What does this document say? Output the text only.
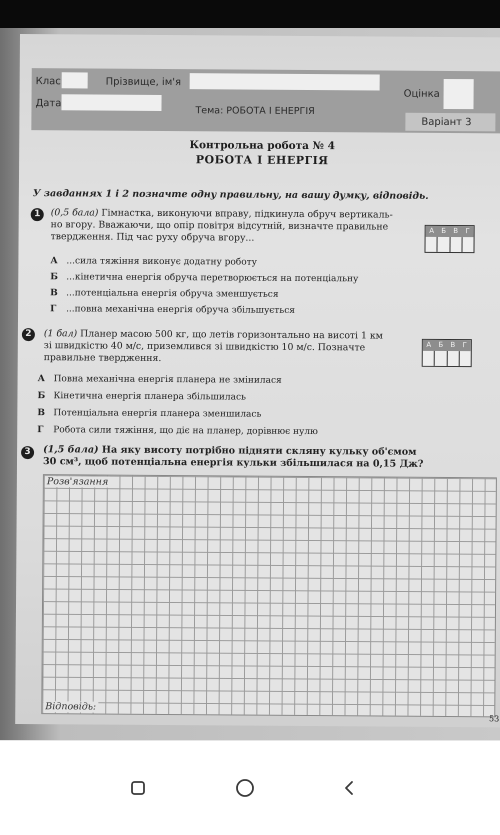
Клас	Прізвище, ім'я
Оцінка
Дата
Тема: РОБОТА І ЕНЕРГІЯ
Варіант 3
Контрольна робота № 4
РОБОТА І ЕНЕРГІЯ
У завданнях 1 і 2 позначте одну правильну, на вашу думку, відповідь.
1	(0,5 бала) Гімнастка, виконуючи вправу, підкинула обруч вертикаль-
но вгору. Вважаючи, що опір повітря відсутній, визначте правильне
твердження. Під час руху обруча вгору...
А	Б	В	Г
А ...сила тяжіння виконує додатну роботу
Б ...кінетична енергія обруча перетворюється на потенціальну
В ...потенціальна енергія обруча зменшується
Г ...повна механічна енергія обруча збільшується
2	(1 бал) Планер масою 500 кг, що летів горизонтально на висоті 1 км
зі швидкістю 40 м/с, приземлився зі швидкістю 10 м/с. Позначте
правильне твердження.
А	Б	В	Г
А Повна механічна енергія планера не змінилася
Б Кінетична енергія планера збільшилась
В Потенціальна енергія планера зменшилась
Г Робота сили тяжіння, що діє на планер, дорівнює нулю
3	(1,5 бала) На яку висоту потрібно підняти скляну кульку об'ємом
30 см³, щоб потенціальна енергія кульки збільшилася на 0,15 Дж?
Розв'язання
Відповідь:
53
